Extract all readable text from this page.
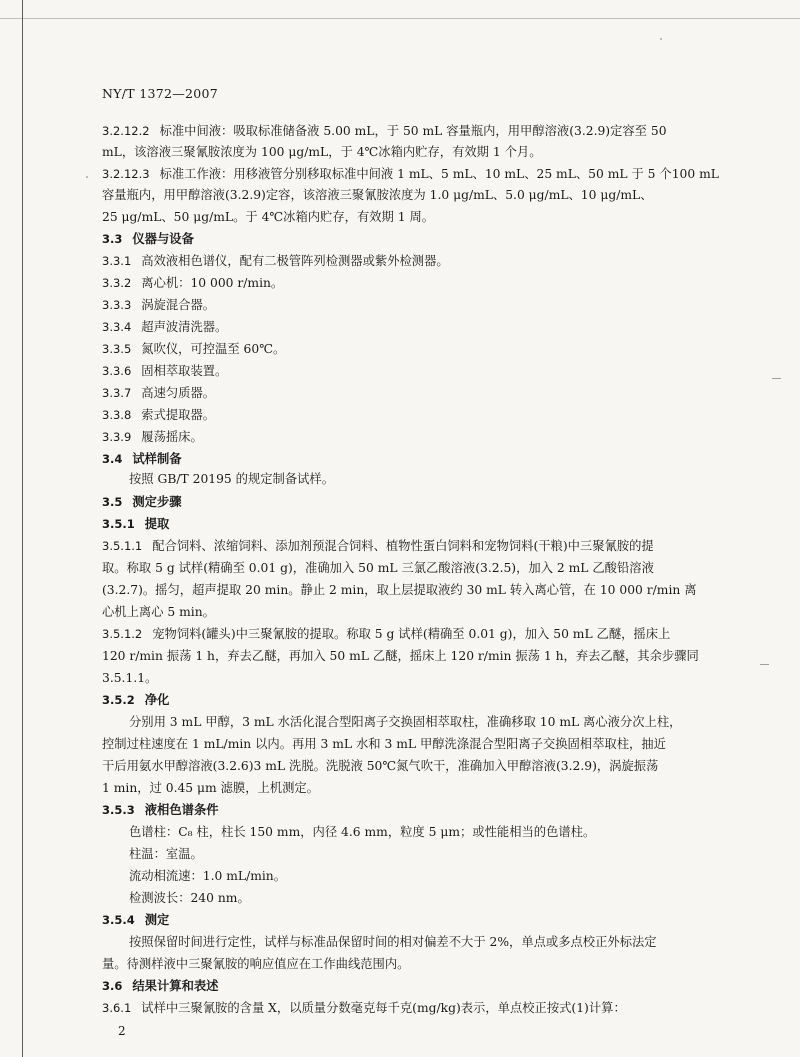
NY/T 1372—2007
3.2.12.2 标准中间液：吸取标准储备液 5.00 mL，于 50 mL 容量瓶内，用甲醇溶液(3.2.9)定容至 50
mL，该溶液三聚氰胺浓度为 100 μg/mL，于 4℃冰箱内贮存，有效期 1 个月。
3.2.12.3 标准工作液：用移液管分别移取标准中间液 1 mL、5 mL、10 mL、25 mL、50 mL 于 5 个100 mL
容量瓶内，用甲醇溶液(3.2.9)定容，该溶液三聚氰胺浓度为 1.0 μg/mL、5.0 μg/mL、10 μg/mL、
25 μg/mL、50 μg/mL。于 4℃冰箱内贮存，有效期 1 周。
3.3 仪器与设备
3.3.1 高效液相色谱仪，配有二极管阵列检测器或紫外检测器。
3.3.2 离心机：10 000 r/min。
3.3.3 涡旋混合器。
3.3.4 超声波清洗器。
3.3.5 氮吹仪，可控温至 60℃。
3.3.6 固相萃取装置。
3.3.7 高速匀质器。
3.3.8 索式提取器。
3.3.9 履荡摇床。
3.4 试样制备
按照 GB/T 20195 的规定制备试样。
3.5 测定步骤
3.5.1 提取
3.5.1.1 配合饲料、浓缩饲料、添加剂预混合饲料、植物性蛋白饲料和宠物饲料(干粮)中三聚氰胺的提
取。称取 5 g 试样(精确至 0.01 g)，准确加入 50 mL 三氯乙酸溶液(3.2.5)，加入 2 mL 乙酸铅溶液
(3.2.7)。摇匀，超声提取 20 min。静止 2 min，取上层提取液约 30 mL 转入离心管，在 10 000 r/min 离
心机上离心 5 min。
3.5.1.2 宠物饲料(罐头)中三聚氰胺的提取。称取 5 g 试样(精确至 0.01 g)，加入 50 mL 乙醚，摇床上
120 r/min 振荡 1 h，弃去乙醚，再加入 50 mL 乙醚，摇床上 120 r/min 振荡 1 h，弃去乙醚，其余步骤同
3.5.1.1。
3.5.2 净化
分别用 3 mL 甲醇，3 mL 水活化混合型阳离子交换固相萃取柱，准确移取 10 mL 离心液分次上柱，
控制过柱速度在 1 mL/min 以内。再用 3 mL 水和 3 mL 甲醇洗涤混合型阳离子交换固相萃取柱，抽近
干后用氨水甲醇溶液(3.2.6)3 mL 洗脱。洗脱液 50℃氮气吹干，准确加入甲醇溶液(3.2.9)，涡旋振荡
1 min，过 0.45 μm 滤膜，上机测定。
3.5.3 液相色谱条件
色谱柱：C₈ 柱，柱长 150 mm，内径 4.6 mm，粒度 5 μm；或性能相当的色谱柱。
柱温：室温。
流动相流速：1.0 mL/min。
检测波长：240 nm。
3.5.4 测定
按照保留时间进行定性，试样与标准品保留时间的相对偏差不大于 2%，单点或多点校正外标法定
量。待测样液中三聚氰胺的响应值应在工作曲线范围内。
3.6 结果计算和表述
3.6.1 试样中三聚氰胺的含量 X，以质量分数毫克每千克(mg/kg)表示，单点校正按式(1)计算：
2
